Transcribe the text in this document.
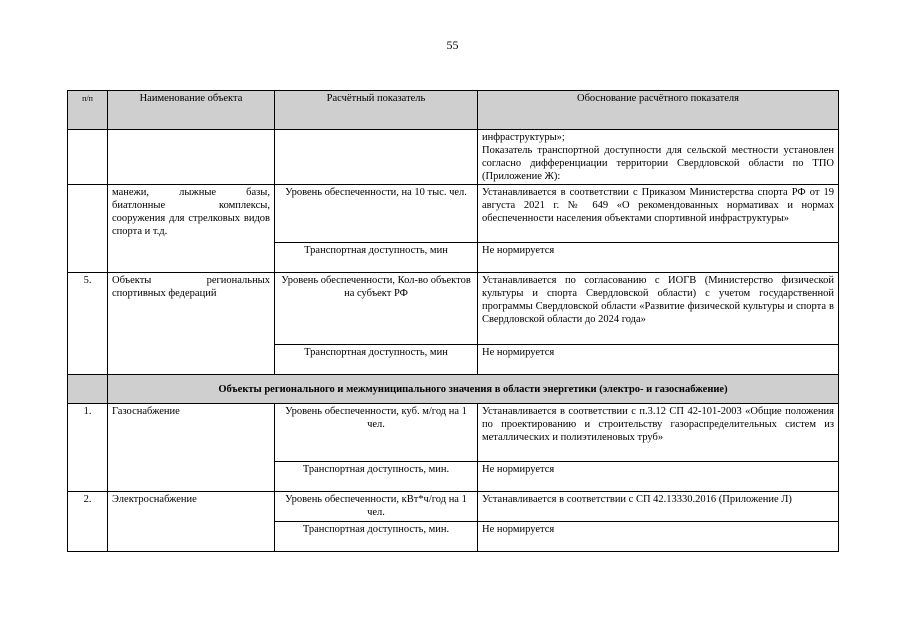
55
п/п	Наименование объекта	Расчётный показатель	Обоснование расчётного показателя

			инфраструктуры»;
Показатель транспортной доступности для сельской местности установлен согласно дифференциации территории Свердловской области по ТПО (Приложение Ж):

	манежи, лыжные базы, биатлонные комплексы, сооружения для стрелковых видов спорта и т.д.	Уровень обеспеченности, на 10 тыс. чел.	Устанавливается в соответствии с Приказом Министерства спорта РФ от 19 августа 2021 г. № 649 «О рекомендованных нормативах и нормах обеспеченности населения объектами спортивной инфраструктуры»
		Транспортная доступность, мин	Не нормируется
5.	Объекты региональных спортивных федераций	Уровень обеспеченности, Кол-во объектов на субъект РФ	Устанавливается по согласованию с ИОГВ (Министерство физической культуры и спорта Свердловской области) с учетом государственной программы Свердловской области «Развитие физической культуры и спорта в Свердловской области до 2024 года»
		Транспортная доступность, мин	Не нормируется
	Объекты регионального и межмуниципального значения в области энергетики (электро- и газоснабжение)		
1.	Газоснабжение	Уровень обеспеченности, куб. м/год на 1 чел.	Устанавливается в соответствии с п.3.12 СП 42-101-2003 «Общие положения по проектированию и строительству газораспределительных систем из металлических и полиэтиленовых труб»
		Транспортная доступность, мин.	Не нормируется
2.	Электроснабжение	Уровень обеспеченности, кВт*ч/год на 1 чел.	Устанавливается в соответствии с СП 42.13330.2016 (Приложение Л)
		Транспортная доступность, мин.	Не нормируется
